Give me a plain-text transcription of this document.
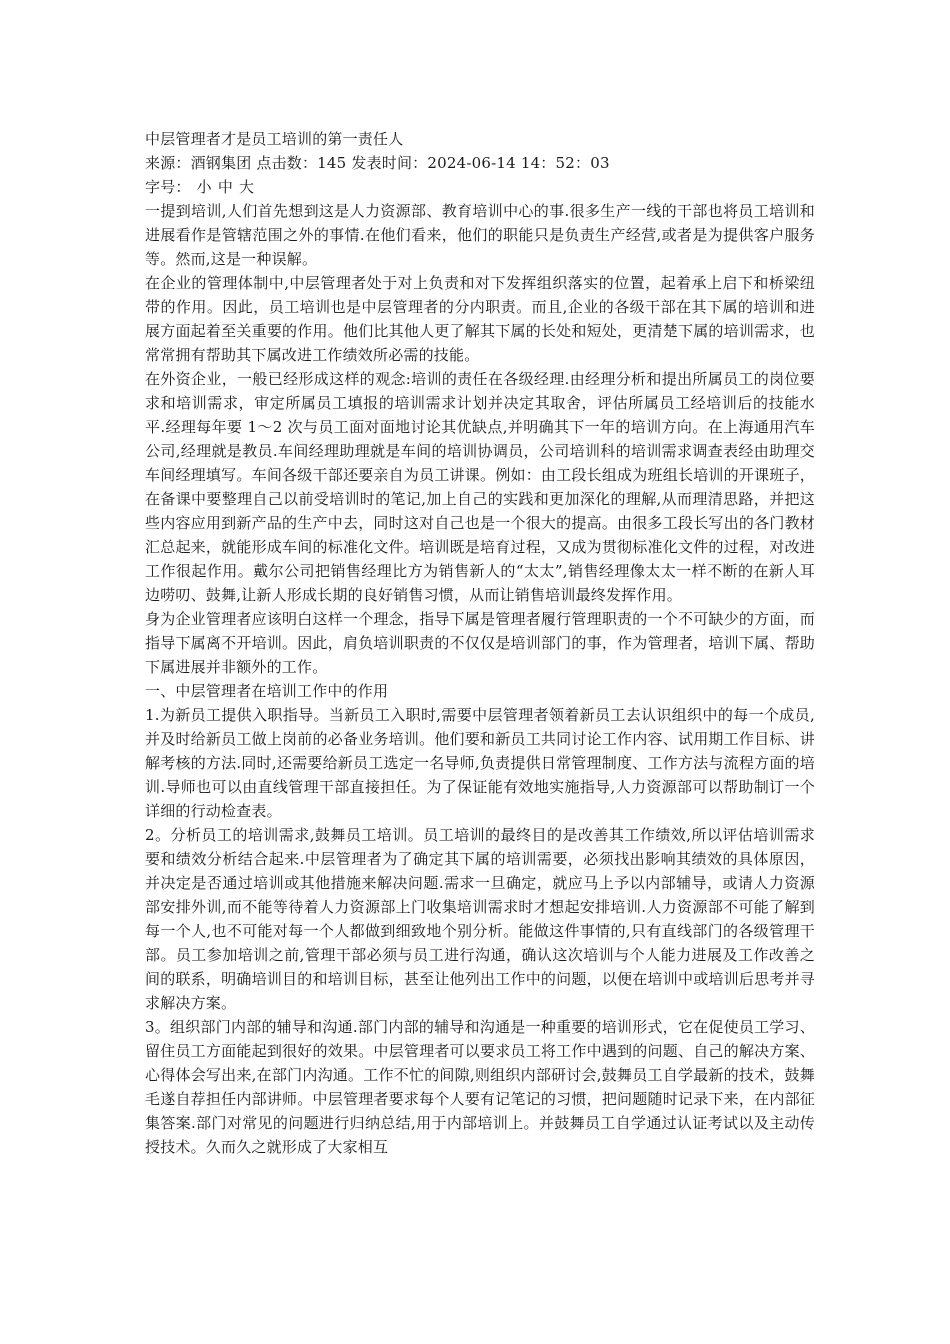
中层管理者才是员工培训的第一责任人

来源：酒钢集团 点击数：145 发表时间：2024-06-14 14：52：03

字号： 小 中 大

一提到培训,人们首先想到这是人力资源部、教育培训中心的事.很多生产一线的干部也将员工培训和进展看作是管辖范围之外的事情.在他们看来，他们的职能只是负责生产经营,或者是为提供客户服务等。然而,这是一种误解。

在企业的管理体制中,中层管理者处于对上负责和对下发挥组织落实的位置，起着承上启下和桥梁纽带的作用。因此，员工培训也是中层管理者的分内职责。而且,企业的各级干部在其下属的培训和进展方面起着至关重要的作用。他们比其他人更了解其下属的长处和短处，更清楚下属的培训需求，也常常拥有帮助其下属改进工作绩效所必需的技能。

在外资企业，一般已经形成这样的观念:培训的责任在各级经理.由经理分析和提出所属员工的岗位要求和培训需求，审定所属员工填报的培训需求计划并决定其取舍，评估所属员工经培训后的技能水平.经理每年要 1～2 次与员工面对面地讨论其优缺点,并明确其下一年的培训方向。在上海通用汽车公司,经理就是教员.车间经理助理就是车间的培训协调员，公司培训科的培训需求调查表经由助理交车间经理填写。车间各级干部还要亲自为员工讲课。例如：由工段长组成为班组长培训的开课班子，在备课中要整理自己以前受培训时的笔记,加上自己的实践和更加深化的理解,从而理清思路，并把这些内容应用到新产品的生产中去，同时这对自己也是一个很大的提高。由很多工段长写出的各门教材汇总起来，就能形成车间的标准化文件。培训既是培育过程，又成为贯彻标准化文件的过程，对改进工作很起作用。戴尔公司把销售经理比方为销售新人的“太太”,销售经理像太太一样不断的在新人耳边唠叨、鼓舞,让新人形成长期的良好销售习惯，从而让销售培训最终发挥作用。

身为企业管理者应该明白这样一个理念，指导下属是管理者履行管理职责的一个不可缺少的方面，而指导下属离不开培训。因此，肩负培训职责的不仅仅是培训部门的事，作为管理者，培训下属、帮助下属进展并非额外的工作。

一、中层管理者在培训工作中的作用

1.为新员工提供入职指导。当新员工入职时,需要中层管理者领着新员工去认识组织中的每一个成员,并及时给新员工做上岗前的必备业务培训。他们要和新员工共同讨论工作内容、试用期工作目标、讲解考核的方法.同时,还需要给新员工选定一名导师,负责提供日常管理制度、工作方法与流程方面的培训.导师也可以由直线管理干部直接担任。为了保证能有效地实施指导,人力资源部可以帮助制订一个详细的行动检查表。

2。分析员工的培训需求,鼓舞员工培训。员工培训的最终目的是改善其工作绩效,所以评估培训需求要和绩效分析结合起来.中层管理者为了确定其下属的培训需要，必须找出影响其绩效的具体原因，并决定是否通过培训或其他措施来解决问题.需求一旦确定，就应马上予以内部辅导，或请人力资源部安排外训,而不能等待着人力资源部上门收集培训需求时才想起安排培训.人力资源部不可能了解到每一个人,也不可能对每一个人都做到细致地个别分析。能做这件事情的,只有直线部门的各级管理干部。员工参加培训之前,管理干部必须与员工进行沟通，确认这次培训与个人能力进展及工作改善之间的联系，明确培训目的和培训目标，甚至让他列出工作中的问题，以便在培训中或培训后思考并寻求解决方案。

3。组织部门内部的辅导和沟通.部门内部的辅导和沟通是一种重要的培训形式，它在促使员工学习、留住员工方面能起到很好的效果。中层管理者可以要求员工将工作中遇到的问题、自己的解决方案、心得体会写出来,在部门内沟通。工作不忙的间隙,则组织内部研讨会,鼓舞员工自学最新的技术，鼓舞毛遂自荐担任内部讲师。中层管理者要求每个人要有记笔记的习惯，把问题随时记录下来，在内部征集答案.部门对常见的问题进行归纳总结,用于内部培训上。并鼓舞员工自学通过认证考试以及主动传授技术。久而久之就形成了大家相互
